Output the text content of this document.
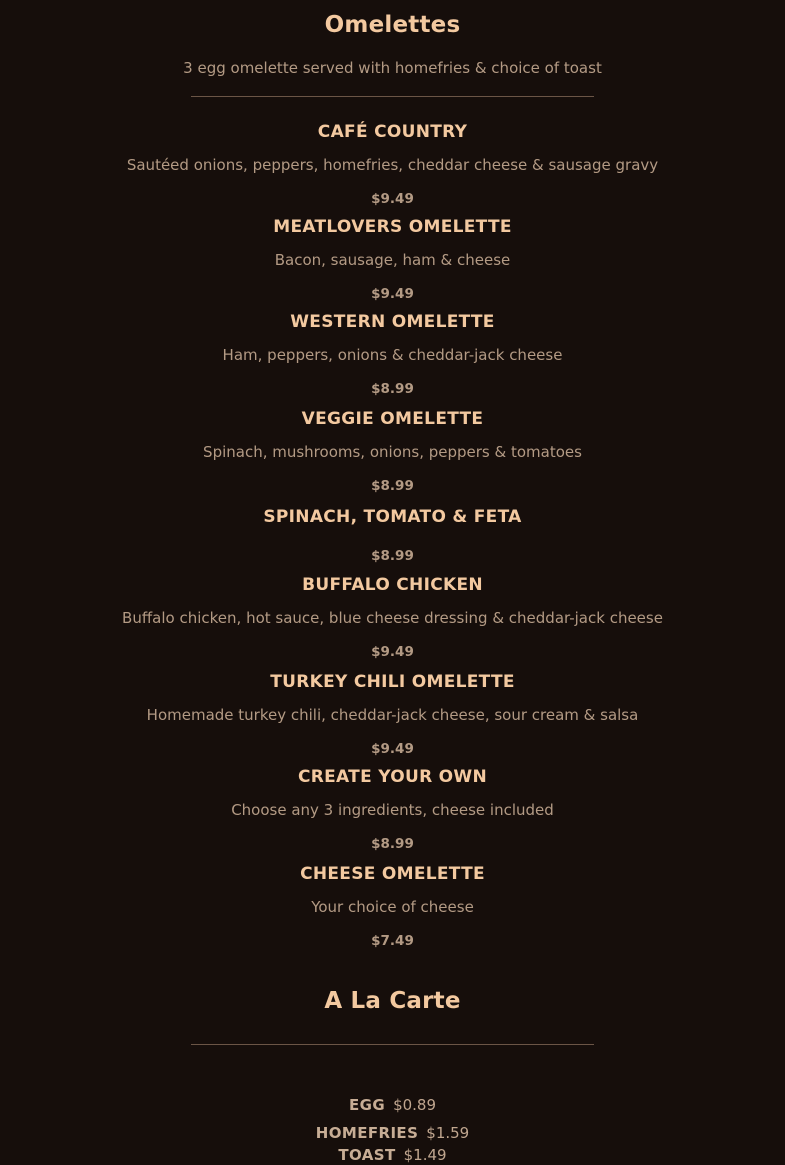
Omelettes
3 egg omelette served with homefries & choice of toast
CAFÉ COUNTRY
Sautéed onions, peppers, homefries, cheddar cheese & sausage gravy
$9.49
MEATLOVERS OMELETTE
Bacon, sausage, ham & cheese
$9.49
WESTERN OMELETTE
Ham, peppers, onions & cheddar-jack cheese
$8.99
VEGGIE OMELETTE
Spinach, mushrooms, onions, peppers & tomatoes
$8.99
SPINACH, TOMATO & FETA
$8.99
BUFFALO CHICKEN
Buffalo chicken, hot sauce, blue cheese dressing & cheddar-jack cheese
$9.49
TURKEY CHILI OMELETTE
Homemade turkey chili, cheddar-jack cheese, sour cream & salsa
$9.49
CREATE YOUR OWN
Choose any 3 ingredients, cheese included
$8.99
CHEESE OMELETTE
Your choice of cheese
$7.49
A La Carte
EGG $0.89
HOMEFRIES $1.59
TOAST $1.49
